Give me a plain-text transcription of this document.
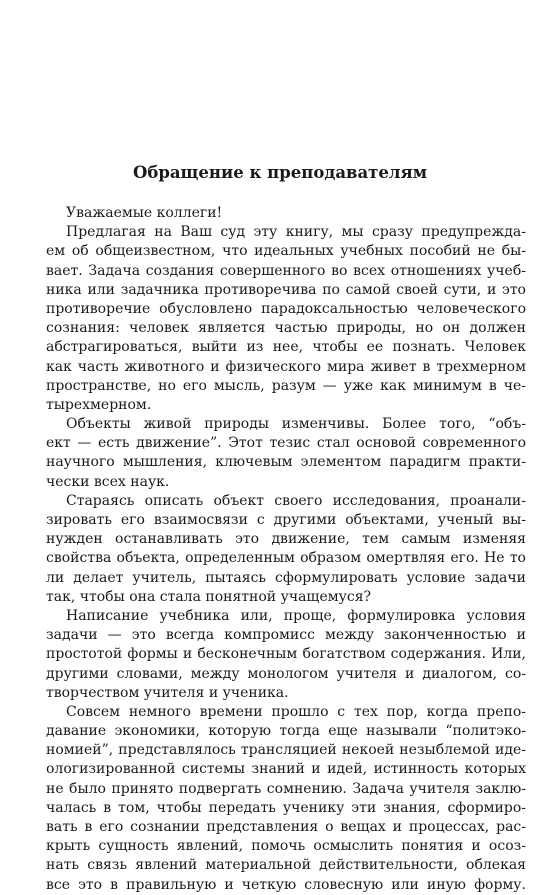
Обращение к преподавателям
Уважаемые коллеги!
Предлагая на Ваш суд эту книгу, мы сразу предупрежда-
ем об общеизвестном, что идеальных учебных пособий не бы-
вает. Задача создания совершенного во всех отношениях учеб-
ника или задачника противоречива по самой своей сути, и это
противоречие обусловлено парадоксальностью человеческого
сознания: человек является частью природы, но он должен
абстрагироваться, выйти из нее, чтобы ее познать. Человек
как часть животного и физического мира живет в трехмерном
пространстве, но его мысль, разум — уже как минимум в че-
тырехмерном.
Объекты живой природы изменчивы. Более того, “объ-
ект — есть движение”. Этот тезис стал основой современного
научного мышления, ключевым элементом парадигм практи-
чески всех наук.
Стараясь описать объект своего исследования, проанали-
зировать его взаимосвязи с другими объектами, ученый вы-
нужден останавливать это движение, тем самым изменяя
свойства объекта, определенным образом омертвляя его. Не то
ли делает учитель, пытаясь сформулировать условие задачи
так, чтобы она стала понятной учащемуся?
Написание учебника или, проще, формулировка условия
задачи — это всегда компромисс между законченностью и
простотой формы и бесконечным богатством содержания. Или,
другими словами, между монологом учителя и диалогом, со-
творчеством учителя и ученика.
Совсем немного времени прошло с тех пор, когда препо-
давание экономики, которую тогда еще называли “политэко-
номией”, представлялось трансляцией некоей незыблемой иде-
ологизированной системы знаний и идей, истинность которых
не было принято подвергать сомнению. Задача учителя заклю-
чалась в том, чтобы передать ученику эти знания, сформиро-
вать в его сознании представления о вещах и процессах, рас-
крыть сущность явлений, помочь осмыслить понятия и осоз-
нать связь явлений материальной действительности, облекая
все это в правильную и четкую словесную или иную форму.
